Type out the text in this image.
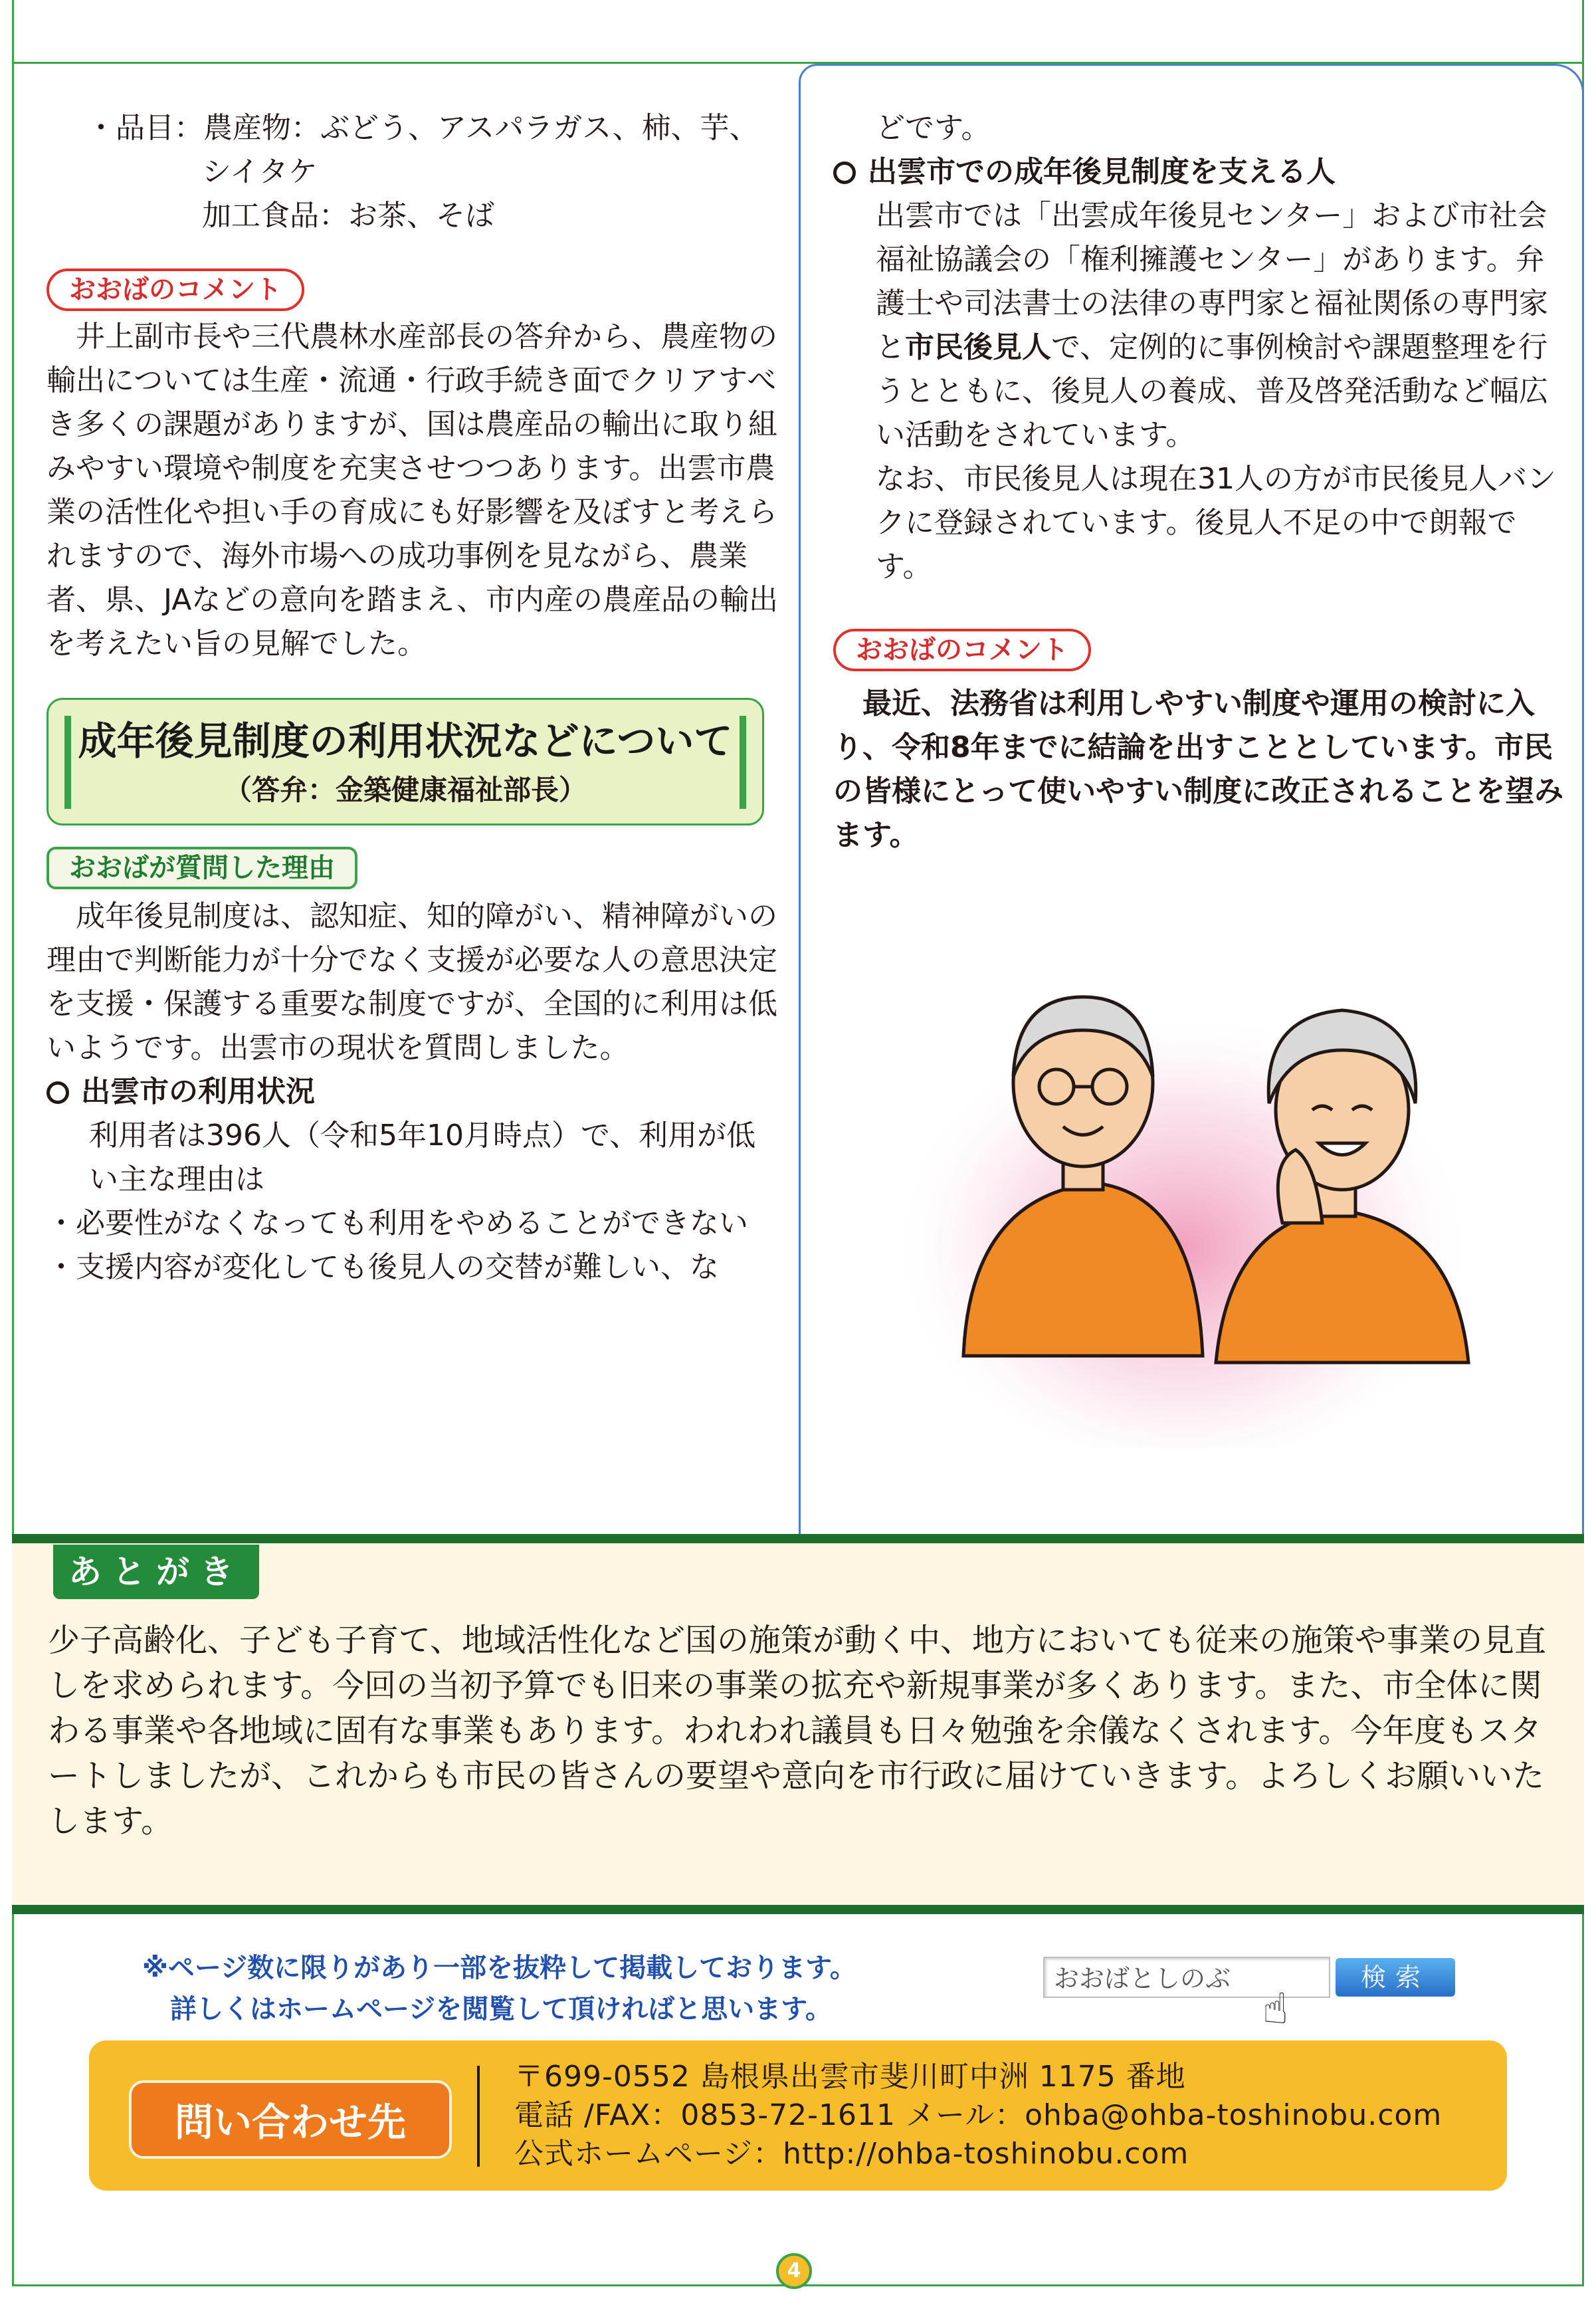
・品目：農産物：ぶどう、アスパラガス、柿、芋、

シイタケ

加工食品：お茶、そば

おおばのコメント

井上副市長や三代農林水産部長の答弁から、農産物の輸出については生産・流通・行政手続き面でクリアすべき多くの課題がありますが、国は農産品の輸出に取り組みやすい環境や制度を充実させつつあります。出雲市農業の活性化や担い手の育成にも好影響を及ぼすと考えられますので、海外市場への成功事例を見ながら、農業者、県、JAなどの意向を踏まえ、市内産の農産品の輸出を考えたい旨の見解でした。

成年後見制度の利用状況などについて
（答弁：金築健康福祉部長）
おおばが質問した理由

成年後見制度は、認知症、知的障がい、精神障がいの理由で判断能力が十分でなく支援が必要な人の意思決定を支援・保護する重要な制度ですが、全国的に利用は低いようです。出雲市の現状を質問しました。

出雲市の利用状況

利用者は396人（令和5年10月時点）で、利用が低い主な理由は

・必要性がなくなっても利用をやめることができない

・支援内容が変化しても後見人の交替が難しい、な

どです。

出雲市での成年後見制度を支える人

出雲市では「出雲成年後見センター」および市社会福祉協議会の「権利擁護センター」があります。弁護士や司法書士の法律の専門家と福祉関係の専門家と市民後見人で、定例的に事例検討や課題整理を行うとともに、後見人の養成、普及啓発活動など幅広い活動をされています。

なお、市民後見人は現在31人の方が市民後見人バンクに登録されています。後見人不足の中で朗報です。

おおばのコメント

最近、法務省は利用しやすい制度や運用の検討に入り、令和8年までに結論を出すこととしています。市民の皆様にとって使いやすい制度に改正されることを望みます。

あとがき
少子高齢化、子ども子育て、地域活性化など国の施策が動く中、地方においても従来の施策や事業の見直しを求められます。今回の当初予算でも旧来の事業の拡充や新規事業が多くあります。また、市全体に関わる事業や各地域に固有な事業もあります。われわれ議員も日々勉強を余儀なくされます。今年度もスタートしましたが、これからも市民の皆さんの要望や意向を市行政に届けていきます。よろしくお願いいたします。
※ページ数に限りがあり一部を抜粋して掲載しております。
詳しくはホームページを閲覧して頂ければと思います。
おおばとしのぶ	検索
☝
問い合わせ先
〒699-0552 島根県出雲市斐川町中洲 1175 番地
電話 /FAX：0853-72-1611 メール：ohba@ohba-toshinobu.com
公式ホームページ：http://ohba-toshinobu.com
4
